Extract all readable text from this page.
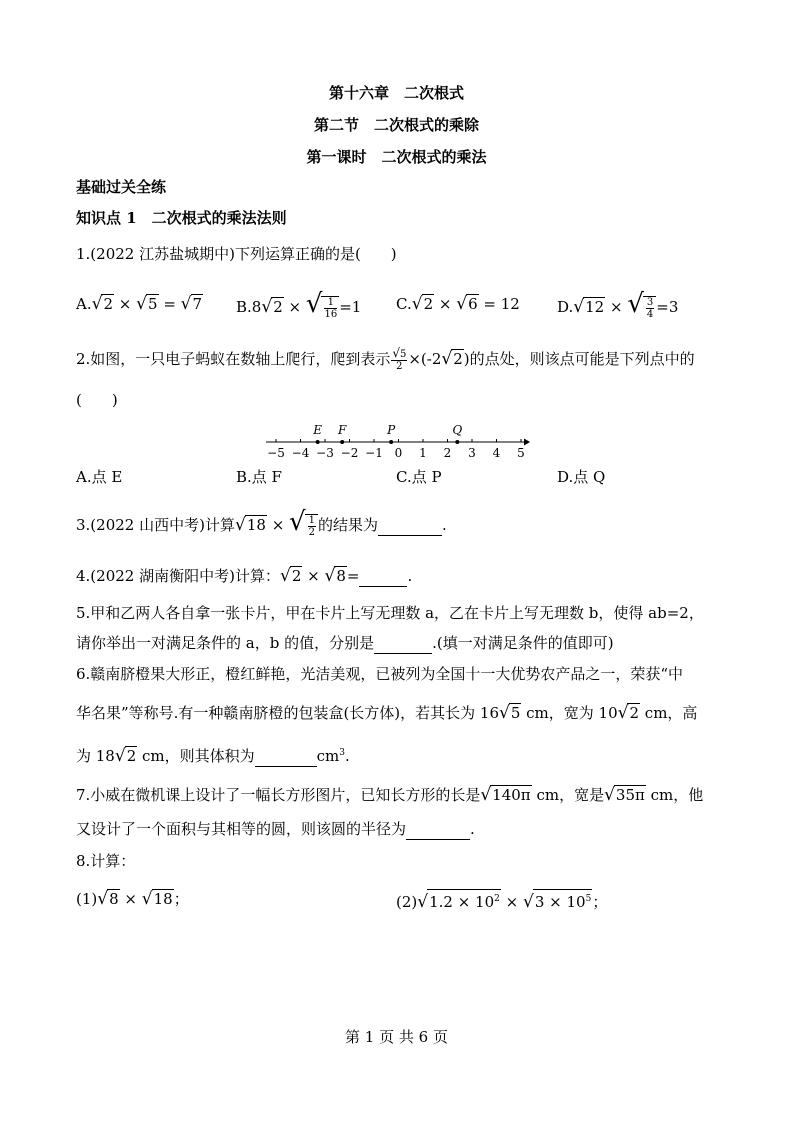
第十六章　二次根式
第二节　二次根式的乘除
第一课时　二次根式的乘法
基础过关全练
知识点 1　二次根式的乘法法则
1.(2022 江苏盐城期中)下列运算正确的是(　　)
A.√2 × √5 = √7 B.8√2 × √ $\frac{1}{16} =1$ C.√2 × √6 = 12 D.√12 × √ $\frac{3}{4} =3$
2.如图，一只电子蚂蚁在数轴上爬行，爬到表示 $\frac{√5}{2} \times(-2√2)$的点处，则该点可能是下列点中的
(　　)
−5 −4 −3 −2 −1 0 1 2 3 4 5
E F	P	Q
A.点 E	B.点 F	C.点 P	D.点 Q
3.(2022 山西中考)计算√18 × √ $\frac{1}{2}$ 的结果为	.
4.(2022 湖南衡阳中考)计算：√2 × √8=	.
5.甲和乙两人各自拿一张卡片，甲在卡片上写无理数 a，乙在卡片上写无理数 b，使得 ab=2，
请你举出一对满足条件的 a，b 的值，分别是	.(填一对满足条件的值即可)
6.赣南脐橙果大形正，橙红鲜艳，光洁美观，已被列为全国十一大优势农产品之一，荣获“中
华名果”等称号.有一种赣南脐橙的包装盒(长方体)，若其长为 16√5 cm，宽为 10√2 cm，高
为 18√2 cm，则其体积为	$cm^3$.
7.小威在微机课上设计了一幅长方形图片，已知长方形的长是√140π cm，宽是√35π cm，他
又设计了一个面积与其相等的圆，则该圆的半径为	.
8.计算：
(1)√8 × √18；	$(2)√1.2 \times 10^2 \times √3 \times 10^5$；
第 1 页 共 6 页
